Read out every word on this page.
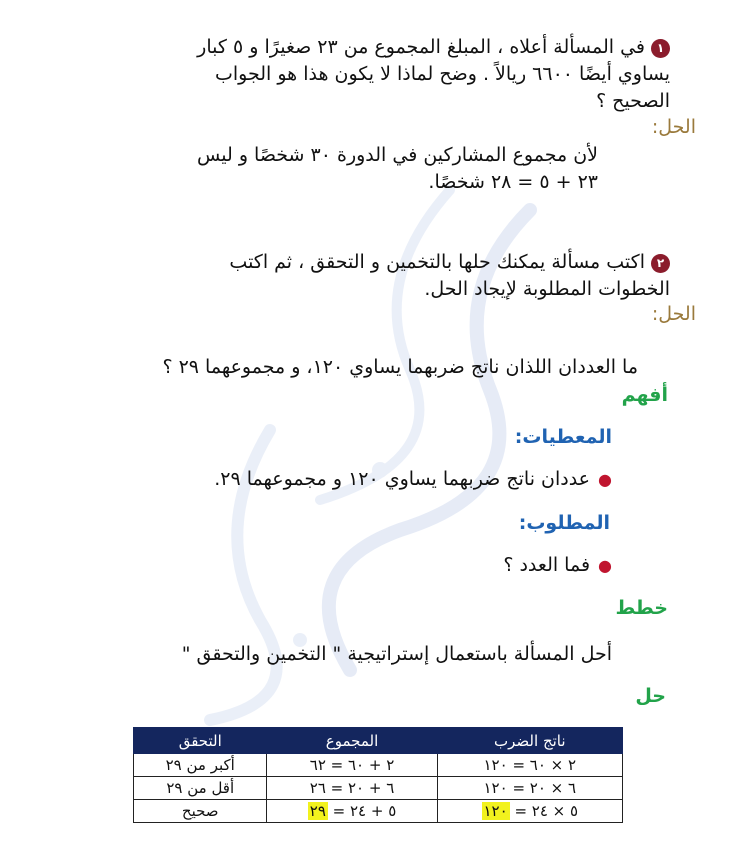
١في المسألة أعلاه ، المبلغ المجموع من ٢٣ صغيرًا و ٥ كبار
يساوي أيضًا ٦٦٠٠ ريالاً . وضح لماذا لا يكون هذا هو الجواب
الصحيح ؟
الحل:
لأن مجموع المشاركين في الدورة ٣٠ شخصًا و ليس
٢٣ + ٥ = ٢٨ شخصًا.
٢اكتب مسألة يمكنك حلها بالتخمين و التحقق ، ثم اكتب
الخطوات المطلوبة لإيجاد الحل.
الحل:
ما العددان اللذان ناتج ضربهما يساوي ١٢٠، و مجموعهما ٢٩ ؟
أفهم
المعطيات:
●عددان ناتج ضربهما يساوي ١٢٠ و مجموعهما ٢٩.
المطلوب:
●فما العدد ؟
خطط
أحل المسألة باستعمال إستراتيجية " التخمين والتحقق "
حل
ناتج الضرب	المجموع	التحقق
٢ × ٦٠ = ١٢٠	٢ + ٦٠ = ٦٢	أكبر من ٢٩
٦ × ٢٠ = ١٢٠	٦ + ٢٠ = ٢٦	أقل من ٢٩
٥ × ٢٤ = ١٢٠	٥ + ٢٤ = ٢٩	صحيح
